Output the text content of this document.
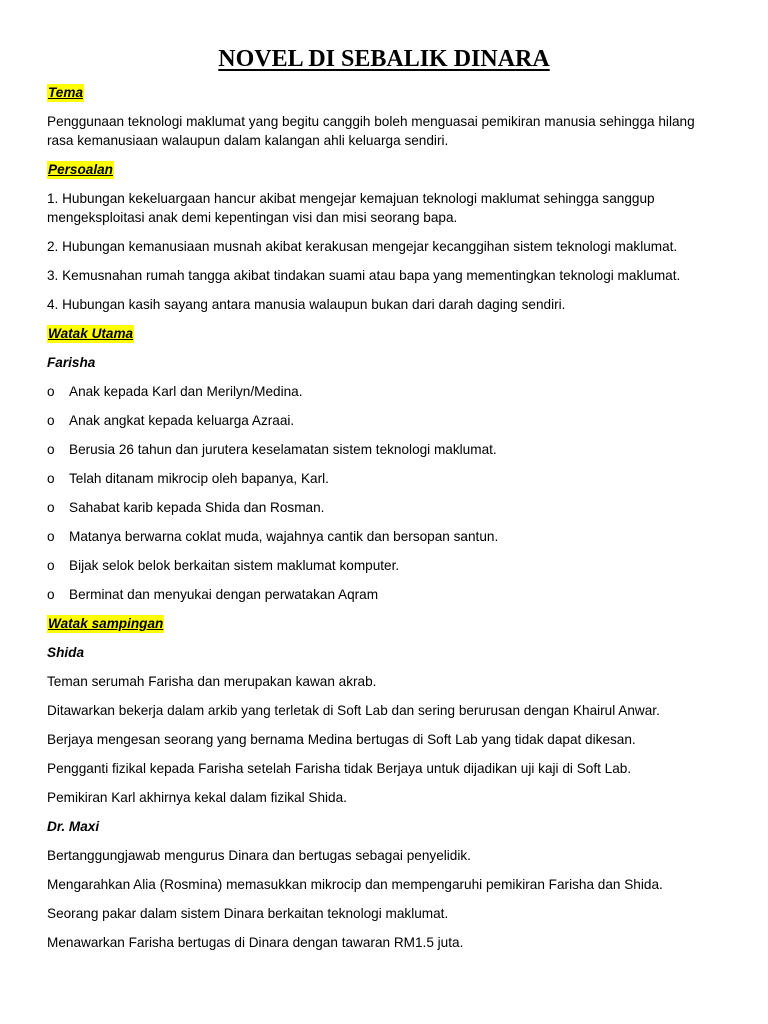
NOVEL DI SEBALIK DINARA
Tema
Penggunaan teknologi maklumat yang begitu canggih boleh menguasai pemikiran manusia sehingga hilang
rasa kemanusiaan walaupun dalam kalangan ahli keluarga sendiri.
Persoalan
1. Hubungan kekeluargaan hancur akibat mengejar kemajuan teknologi maklumat sehingga sanggup
mengeksploitasi anak demi kepentingan visi dan misi seorang bapa.
2. Hubungan kemanusiaan musnah akibat kerakusan mengejar kecanggihan sistem teknologi maklumat.
3. Kemusnahan rumah tangga akibat tindakan suami atau bapa yang mementingkan teknologi maklumat.
4. Hubungan kasih sayang antara manusia walaupun bukan dari darah daging sendiri.
Watak Utama
Farisha
o Anak kepada Karl dan Merilyn/Medina.
o Anak angkat kepada keluarga Azraai.
o Berusia 26 tahun dan jurutera keselamatan sistem teknologi maklumat.
o Telah ditanam mikrocip oleh bapanya, Karl.
o Sahabat karib kepada Shida dan Rosman.
o Matanya berwarna coklat muda, wajahnya cantik dan bersopan santun.
o Bijak selok belok berkaitan sistem maklumat komputer.
o Berminat dan menyukai dengan perwatakan Aqram
Watak sampingan
Shida
Teman serumah Farisha dan merupakan kawan akrab.
Ditawarkan bekerja dalam arkib yang terletak di Soft Lab dan sering berurusan dengan Khairul Anwar.
Berjaya mengesan seorang yang bernama Medina bertugas di Soft Lab yang tidak dapat dikesan.
Pengganti fizikal kepada Farisha setelah Farisha tidak Berjaya untuk dijadikan uji kaji di Soft Lab.
Pemikiran Karl akhirnya kekal dalam fizikal Shida.
Dr. Maxi
Bertanggungjawab mengurus Dinara dan bertugas sebagai penyelidik.
Mengarahkan Alia (Rosmina) memasukkan mikrocip dan mempengaruhi pemikiran Farisha dan Shida.
Seorang pakar dalam sistem Dinara berkaitan teknologi maklumat.
Menawarkan Farisha bertugas di Dinara dengan tawaran RM1.5 juta.
